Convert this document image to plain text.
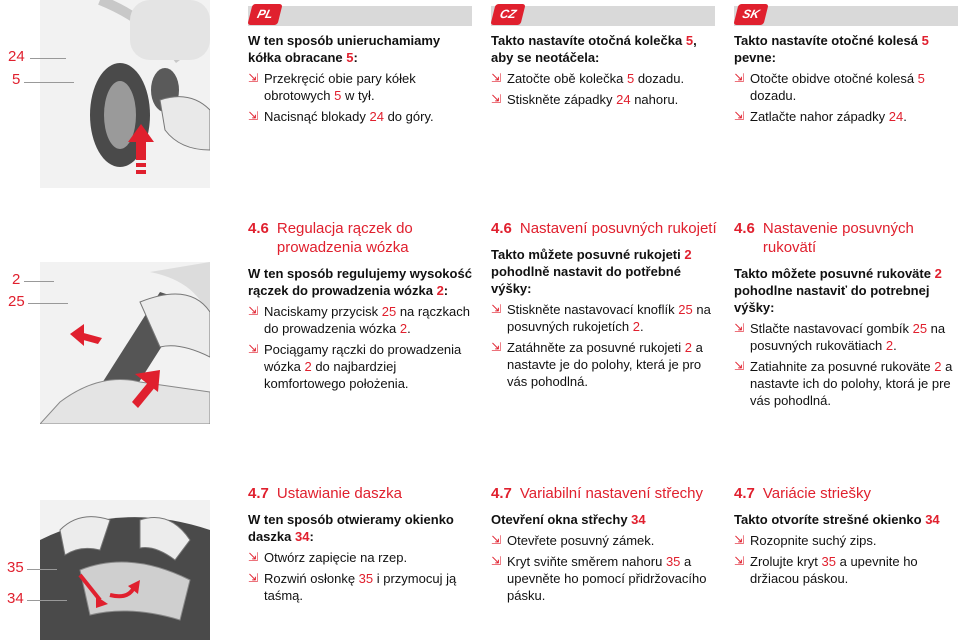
PL	CZ	SK
24
5

W ten sposób unieruchamiamy kółka obracane 5:

⇲ Przekręcić obie pary kółek obrotowych 5 w tył.

⇲ Nacisnąć blokady 24 do góry.

Takto nastavíte otočná kolečka 5, aby se neotáčela:

⇲ Zatočte obě kolečka 5 dozadu.

⇲ Stiskněte západky 24 nahoru.

Takto nastavíte otočné kolesá 5 pevne:

⇲ Otočte obidve otočné kolesá 5 dozadu.

⇲ Zatlačte nahor západky 24.

2
25
4.6 Regulacja rączek do prowadzenia wózka

W ten sposób regulujemy wysokość rączek do prowadzenia wózka 2:

⇲ Naciskamy przycisk 25 na rączkach do prowadzenia wózka 2.

⇲ Pociągamy rączki do prowadzenia wózka 2 do najbardziej komfortowego położenia.

4.6 Nastavení posuvných rukojetí

Takto můžete posuvné rukojeti 2 pohodlně nastavit do potřebné výšky:

⇲ Stiskněte nastavovací knoflík 25 na posuvných rukojetích 2.

⇲ Zatáhněte za posuvné rukojeti 2 a nastavte je do polohy, která je pro vás pohodlná.

4.6 Nastavenie posuvných rukovätí

Takto môžete posuvné rukoväte 2 pohodlne nastaviť do potrebnej výšky:

⇲ Stlačte nastavovací gombík 25 na posuvných rukovätiach 2.

⇲ Zatiahnite za posuvné rukoväte 2 a nastavte ich do polohy, ktorá je pre vás pohodlná.

35
34
4.7 Ustawianie daszka

W ten sposób otwieramy okienko daszka 34:

⇲ Otwórz zapięcie na rzep.

⇲ Rozwiń osłonkę 35 i przymocuj ją taśmą.

4.7 Variabilní nastavení střechy

Otevření okna střechy 34

⇲ Otevřete posuvný zámek.

⇲ Kryt sviňte směrem nahoru 35 a upevněte ho pomocí přidržovacího pásku.

4.7 Variácie striešky

Takto otvoríte strešné okienko 34

⇲ Rozopnite suchý zips.

⇲ Zrolujte kryt 35 a upevnite ho držiacou páskou.
